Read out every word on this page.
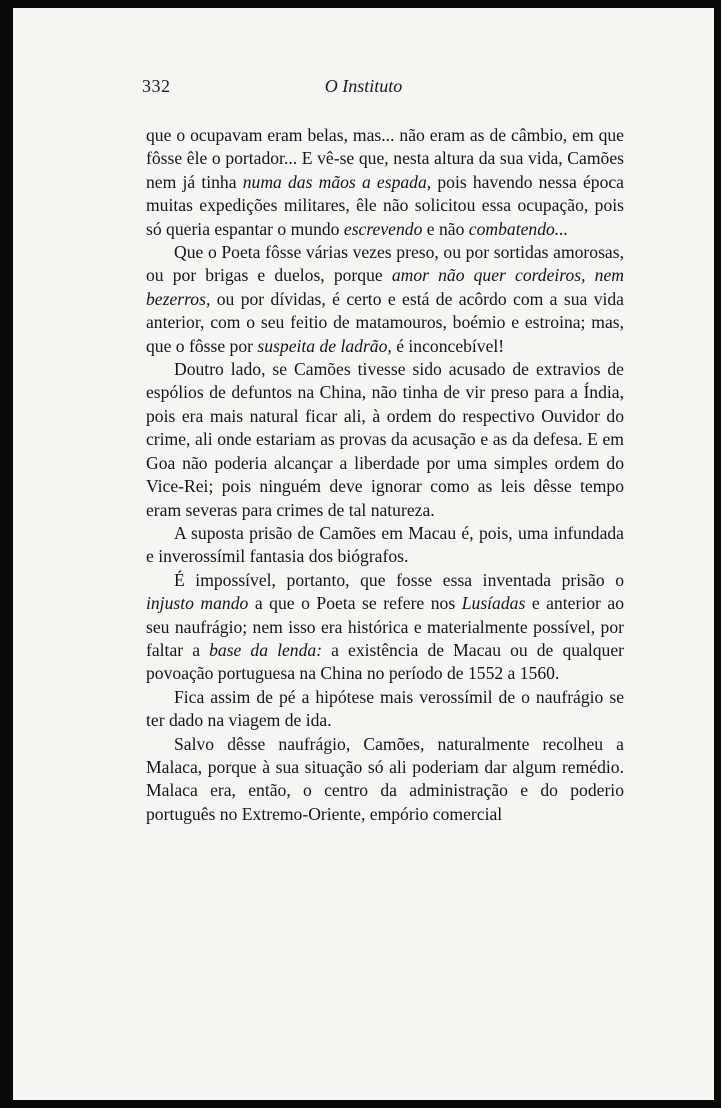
332	O Instituto

que o ocupavam eram belas, mas... não eram as de câmbio, em que fôsse êle o portador... E vê-se que, nesta altura da sua vida, Camões nem já tinha numa das mãos a espada, pois havendo nessa época muitas expedições militares, êle não solicitou essa ocupação, pois só queria espantar o mundo escrevendo e não combatendo...

Que o Poeta fôsse várias vezes preso, ou por sortidas amorosas, ou por brigas e duelos, porque amor não quer cordeiros, nem bezerros, ou por dívidas, é certo e está de acôrdo com a sua vida anterior, com o seu feitio de matamouros, boémio e estroina; mas, que o fôsse por suspeita de ladrão, é inconcebível!

Doutro lado, se Camões tivesse sido acusado de extravios de espólios de defuntos na China, não tinha de vir preso para a Índia, pois era mais natural ficar ali, à ordem do respectivo Ouvidor do crime, ali onde estariam as provas da acusação e as da defesa. E em Goa não poderia alcançar a liberdade por uma simples ordem do Vice-Rei; pois ninguém deve ignorar como as leis dêsse tempo eram severas para crimes de tal natureza.

A suposta prisão de Camões em Macau é, pois, uma infundada e inverossímil fantasia dos biógrafos.

É impossível, portanto, que fosse essa inventada prisão o injusto mando a que o Poeta se refere nos Lusíadas e anterior ao seu naufrágio; nem isso era histórica e materialmente possível, por faltar a base da lenda: a existência de Macau ou de qualquer povoação portuguesa na China no período de 1552 a 1560.

Fica assim de pé a hipótese mais verossímil de o naufrágio se ter dado na viagem de ida.

Salvo dêsse naufrágio, Camões, naturalmente recolheu a Malaca, porque à sua situação só ali poderiam dar algum remédio. Malaca era, então, o centro da administração e do poderio português no Extremo-Oriente, empório comercial
